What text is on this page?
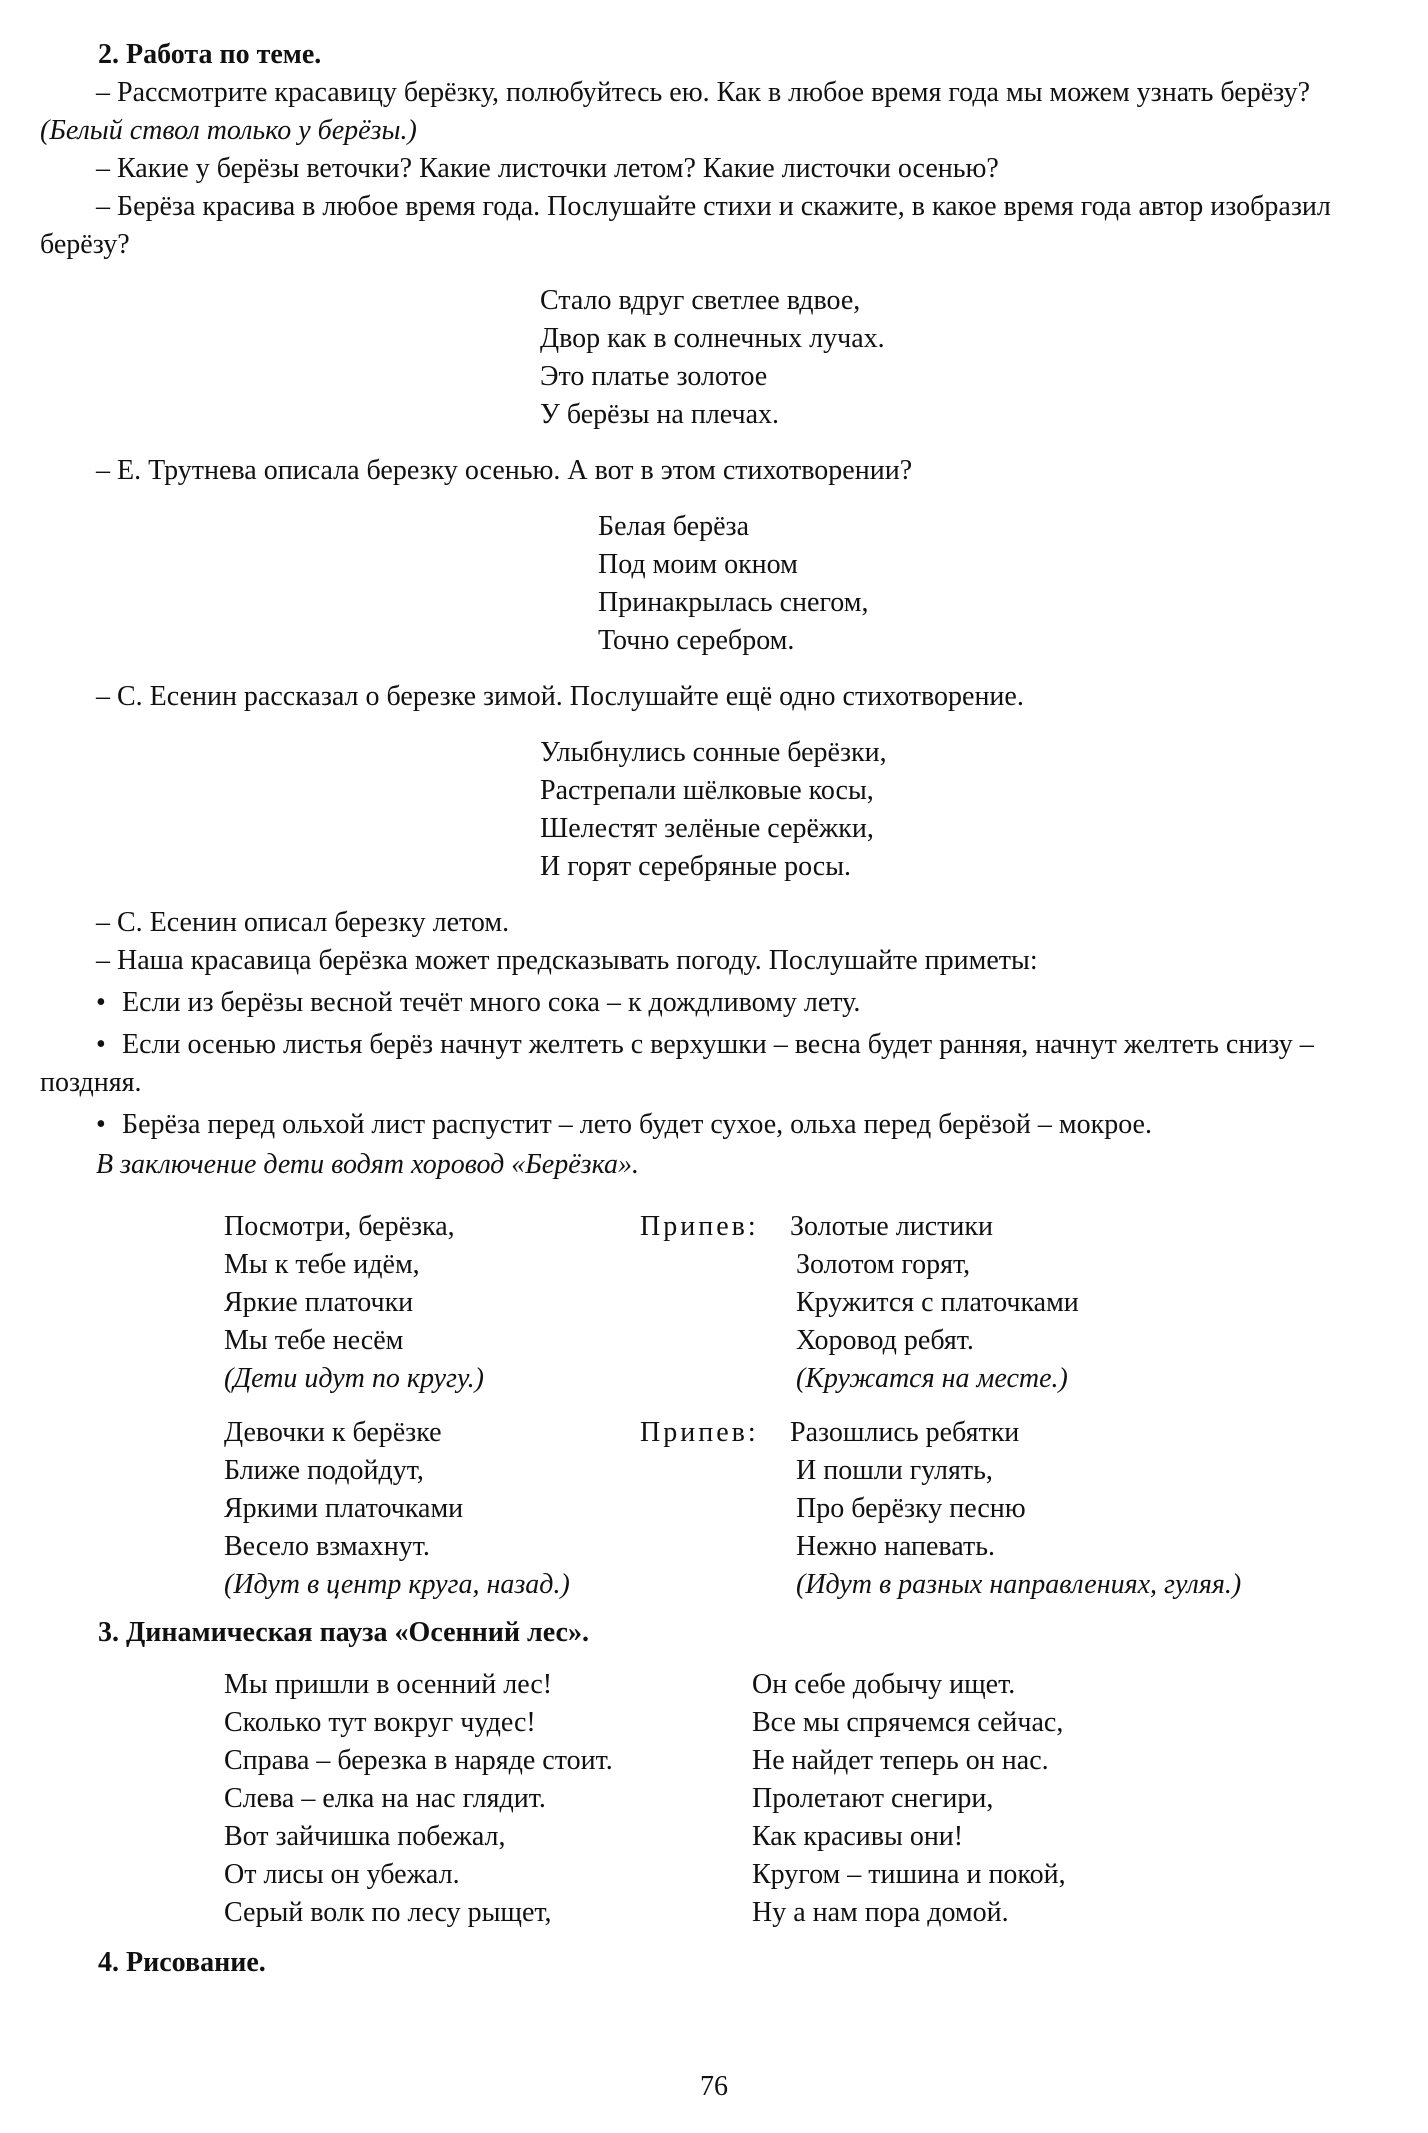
2. Работа по теме.

– Рассмотрите красавицу берёзку, полюбуйтесь ею. Как в любое время года мы можем узнать берёзу? (Белый ствол только у берёзы.)

– Какие у берёзы веточки? Какие листочки летом? Какие листочки осенью?

– Берёза красива в любое время года. Послушайте стихи и скажите, в какое время года автор изобразил берёзу?

Стало вдруг светлее вдвое,
Двор как в солнечных лучах.
Это платье золотое
У берёзы на плечах.

– Е. Трутнева описала березку осенью. А вот в этом стихотворении?

Белая берёза
Под моим окном
Принакрылась снегом,
Точно серебром.

– С. Есенин рассказал о березке зимой. Послушайте ещё одно стихотворение.

Улыбнулись сонные берёзки,
Растрепали шёлковые косы,
Шелестят зелёные серёжки,
И горят серебряные росы.

– С. Есенин описал березку летом.

– Наша красавица берёзка может предсказывать погоду. Послушайте приметы:

• Если из берёзы весной течёт много сока – к дождливому лету.

• Если осенью листья берёз начнут желтеть с верхушки – весна будет ранняя, начнут желтеть снизу – поздняя.

• Берёза перед ольхой лист распустит – лето будет сухое, ольха перед берёзой – мокрое.

В заключение дети водят хоровод «Берёзка».

Посмотри, берёзка,
Мы к тебе идём,
Яркие платочки
Мы тебе несём
(Дети идут по кругу.)
Припев:	Золотые листики
Золотом горят,
Кружится с платочками
Хоровод ребят.
(Кружатся на месте.)
Девочки к берёзке
Ближе подойдут,
Яркими платочками
Весело взмахнут.
(Идут в центр круга, назад.)
Припев:	Разошлись ребятки
И пошли гулять,
Про берёзку песню
Нежно напевать.
(Идут в разных направлениях, гуляя.)

3. Динамическая пауза «Осенний лес».

Мы пришли в осенний лес!
Сколько тут вокруг чудес!
Справа – березка в наряде стоит.
Слева – елка на нас глядит.
Вот зайчишка побежал,
От лисы он убежал.
Серый волк по лесу рыщет,
Он себе добычу ищет.
Все мы спрячемся сейчас,
Не найдет теперь он нас.
Пролетают снегири,
Как красивы они!
Кругом – тишина и покой,
Ну а нам пора домой.

4. Рисование.

76
